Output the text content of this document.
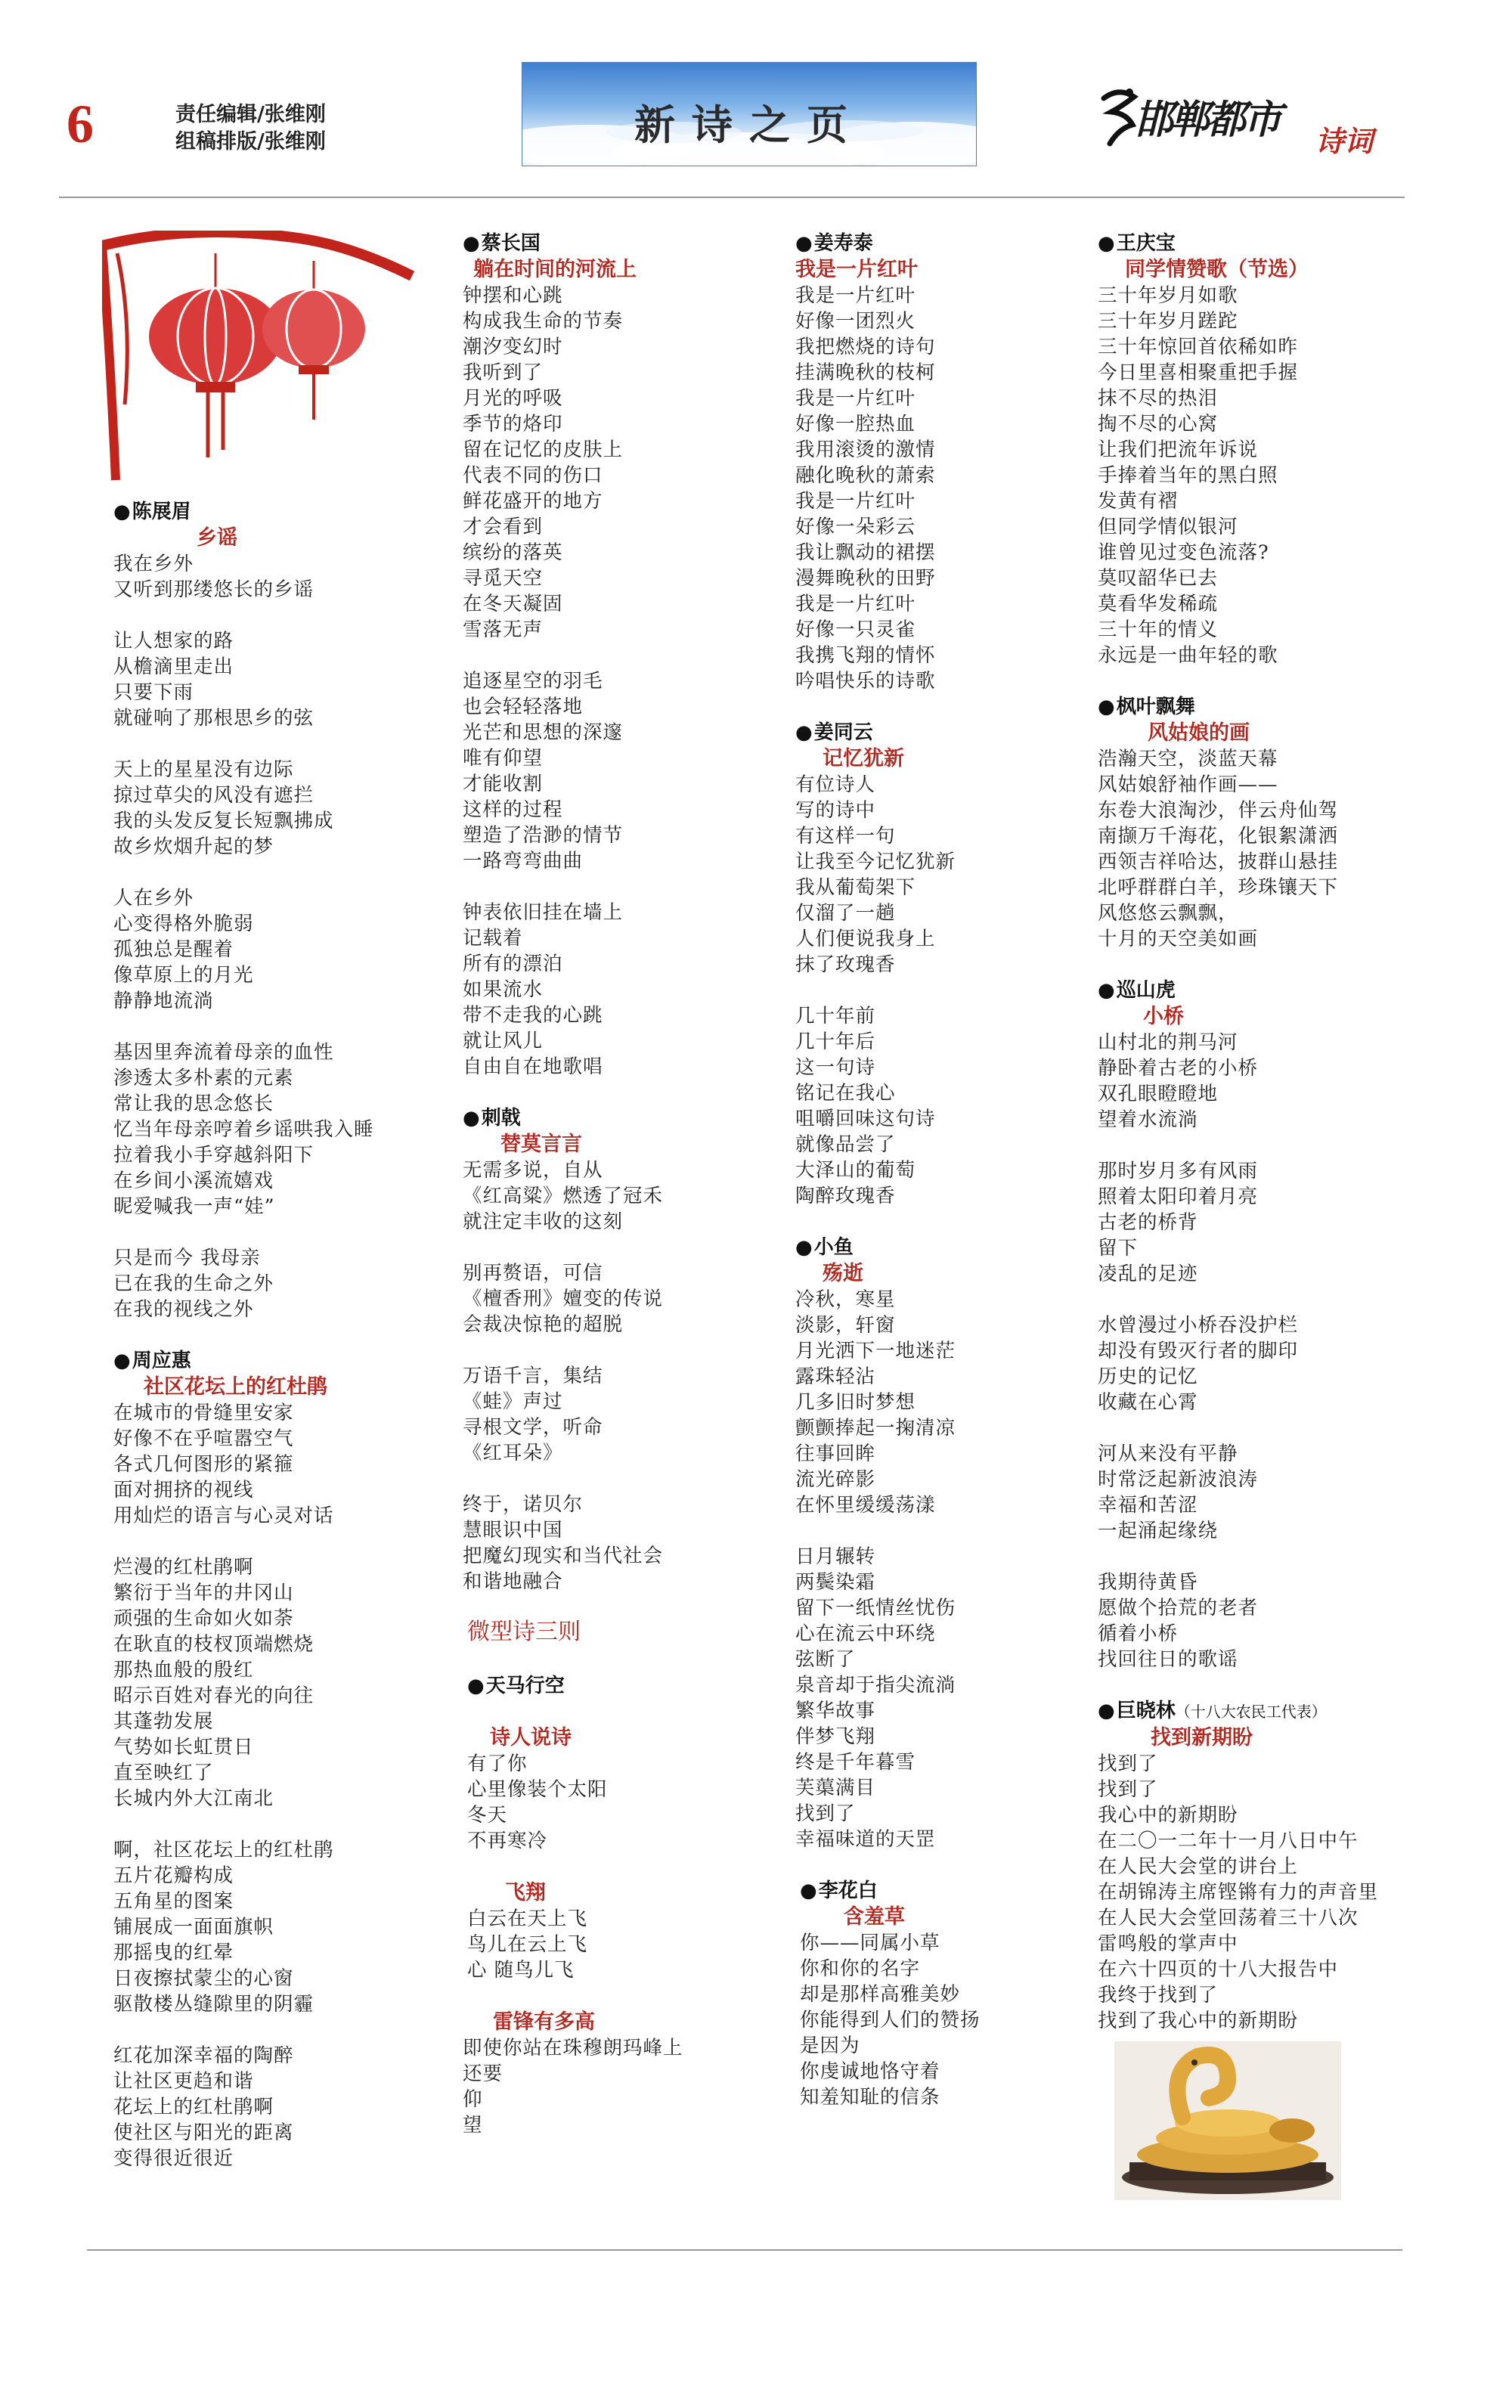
6	责任编辑/张维刚
组稿排版/张维刚	新诗之页	邯郸都市 诗词
●陈展眉
乡谣
我在乡外
又听到那缕悠长的乡谣
让人想家的路
从檐滴里走出
只要下雨
就碰响了那根思乡的弦
天上的星星没有边际
掠过草尖的风没有遮拦
我的头发反复长短飘拂成
故乡炊烟升起的梦
人在乡外
心变得格外脆弱
孤独总是醒着
像草原上的月光
静静地流淌
基因里奔流着母亲的血性
渗透太多朴素的元素
常让我的思念悠长
忆当年母亲哼着乡谣哄我入睡
拉着我小手穿越斜阳下
在乡间小溪流嬉戏
昵爱喊我一声“娃”
只是而今 我母亲
已在我的生命之外
在我的视线之外
●周应惠
社区花坛上的红杜鹃
在城市的骨缝里安家
好像不在乎喧嚣空气
各式几何图形的紧箍
面对拥挤的视线
用灿烂的语言与心灵对话
烂漫的红杜鹃啊
繁衍于当年的井冈山
顽强的生命如火如荼
在耿直的枝杈顶端燃烧
那热血般的殷红
昭示百姓对春光的向往
其蓬勃发展
气势如长虹贯日
直至映红了
长城内外大江南北
啊，社区花坛上的红杜鹃
五片花瓣构成
五角星的图案
铺展成一面面旗帜
那摇曳的红晕
日夜擦拭蒙尘的心窗
驱散楼丛缝隙里的阴霾
红花加深幸福的陶醉
让社区更趋和谐
花坛上的红杜鹃啊
使社区与阳光的距离
变得很近很近
●蔡长国
躺在时间的河流上
钟摆和心跳
构成我生命的节奏
潮汐变幻时
我听到了
月光的呼吸
季节的烙印
留在记忆的皮肤上
代表不同的伤口
鲜花盛开的地方
才会看到
缤纷的落英
寻觅天空
在冬天凝固
雪落无声
追逐星空的羽毛
也会轻轻落地
光芒和思想的深邃
唯有仰望
才能收割
这样的过程
塑造了浩渺的情节
一路弯弯曲曲
钟表依旧挂在墙上
记载着
所有的漂泊
如果流水
带不走我的心跳
就让风儿
自由自在地歌唱
●刺戟
替莫言言
无需多说，自从
《红高粱》燃透了冠禾
就注定丰收的这刻
别再赘语，可信
《檀香刑》嬗变的传说
会裁决惊艳的超脱
万语千言，集结
《蛙》声过
寻根文学，听命
《红耳朵》
终于，诺贝尔
慧眼识中国
把魔幻现实和当代社会
和谐地融合
微型诗三则
●天马行空
诗人说诗
有了你
心里像装个太阳
冬天
不再寒冷
飞翔
白云在天上飞
鸟儿在云上飞
心 随鸟儿飞
雷锋有多高
即使你站在珠穆朗玛峰上
还要
仰
望
●姜寿泰
我是一片红叶
我是一片红叶
好像一团烈火
我把燃烧的诗句
挂满晚秋的枝柯
我是一片红叶
好像一腔热血
我用滚烫的激情
融化晚秋的萧索
我是一片红叶
好像一朵彩云
我让飘动的裙摆
漫舞晚秋的田野
我是一片红叶
好像一只灵雀
我携飞翔的情怀
吟唱快乐的诗歌
●姜同云
记忆犹新
有位诗人
写的诗中
有这样一句
让我至今记忆犹新
我从葡萄架下
仅溜了一趟
人们便说我身上
抹了玫瑰香
几十年前
几十年后
这一句诗
铭记在我心
咀嚼回味这句诗
就像品尝了
大泽山的葡萄
陶醉玫瑰香
●小鱼
殇逝
冷秋，寒星
淡影，轩窗
月光洒下一地迷茫
露珠轻沾
几多旧时梦想
颤颤捧起一掬清凉
往事回眸
流光碎影
在怀里缓缓荡漾
日月辗转
两鬓染霜
留下一纸情丝忧伤
心在流云中环绕
弦断了
泉音却于指尖流淌
繁华故事
伴梦飞翔
终是千年暮雪
芙蕖满目
找到了
幸福味道的天罡
●李花白
含羞草
你——同属小草
你和你的名字
却是那样高雅美妙
你能得到人们的赞扬
是因为
你虔诚地恪守着
知羞知耻的信条
●王庆宝
同学情赞歌（节选）
三十年岁月如歌
三十年岁月蹉跎
三十年惊回首依稀如昨
今日里喜相聚重把手握
抹不尽的热泪
掏不尽的心窝
让我们把流年诉说
手捧着当年的黑白照
发黄有褶
但同学情似银河
谁曾见过变色流落?
莫叹韶华已去
莫看华发稀疏
三十年的情义
永远是一曲年轻的歌
●枫叶飘舞
风姑娘的画
浩瀚天空，淡蓝天幕
风姑娘舒袖作画——
东卷大浪淘沙，伴云舟仙驾
南撷万千海花，化银絮潇洒
西领吉祥哈达，披群山悬挂
北呼群群白羊，珍珠镶天下
风悠悠云飘飘，
十月的天空美如画
●巡山虎
小桥
山村北的荆马河
静卧着古老的小桥
双孔眼瞪瞪地
望着水流淌
那时岁月多有风雨
照着太阳印着月亮
古老的桥背
留下
凌乱的足迹
水曾漫过小桥吞没护栏
却没有毁灭行者的脚印
历史的记忆
收藏在心霄
河从来没有平静
时常泛起新波浪涛
幸福和苦涩
一起涌起缘绕
我期待黄昏
愿做个拾荒的老者
循着小桥
找回往日的歌谣
●巨晓林（十八大农民工代表）
找到新期盼
找到了
找到了
我心中的新期盼
在二〇一二年十一月八日中午
在人民大会堂的讲台上
在胡锦涛主席铿锵有力的声音里
在人民大会堂回荡着三十八次
雷鸣般的掌声中
在六十四页的十八大报告中
我终于找到了
找到了我心中的新期盼
